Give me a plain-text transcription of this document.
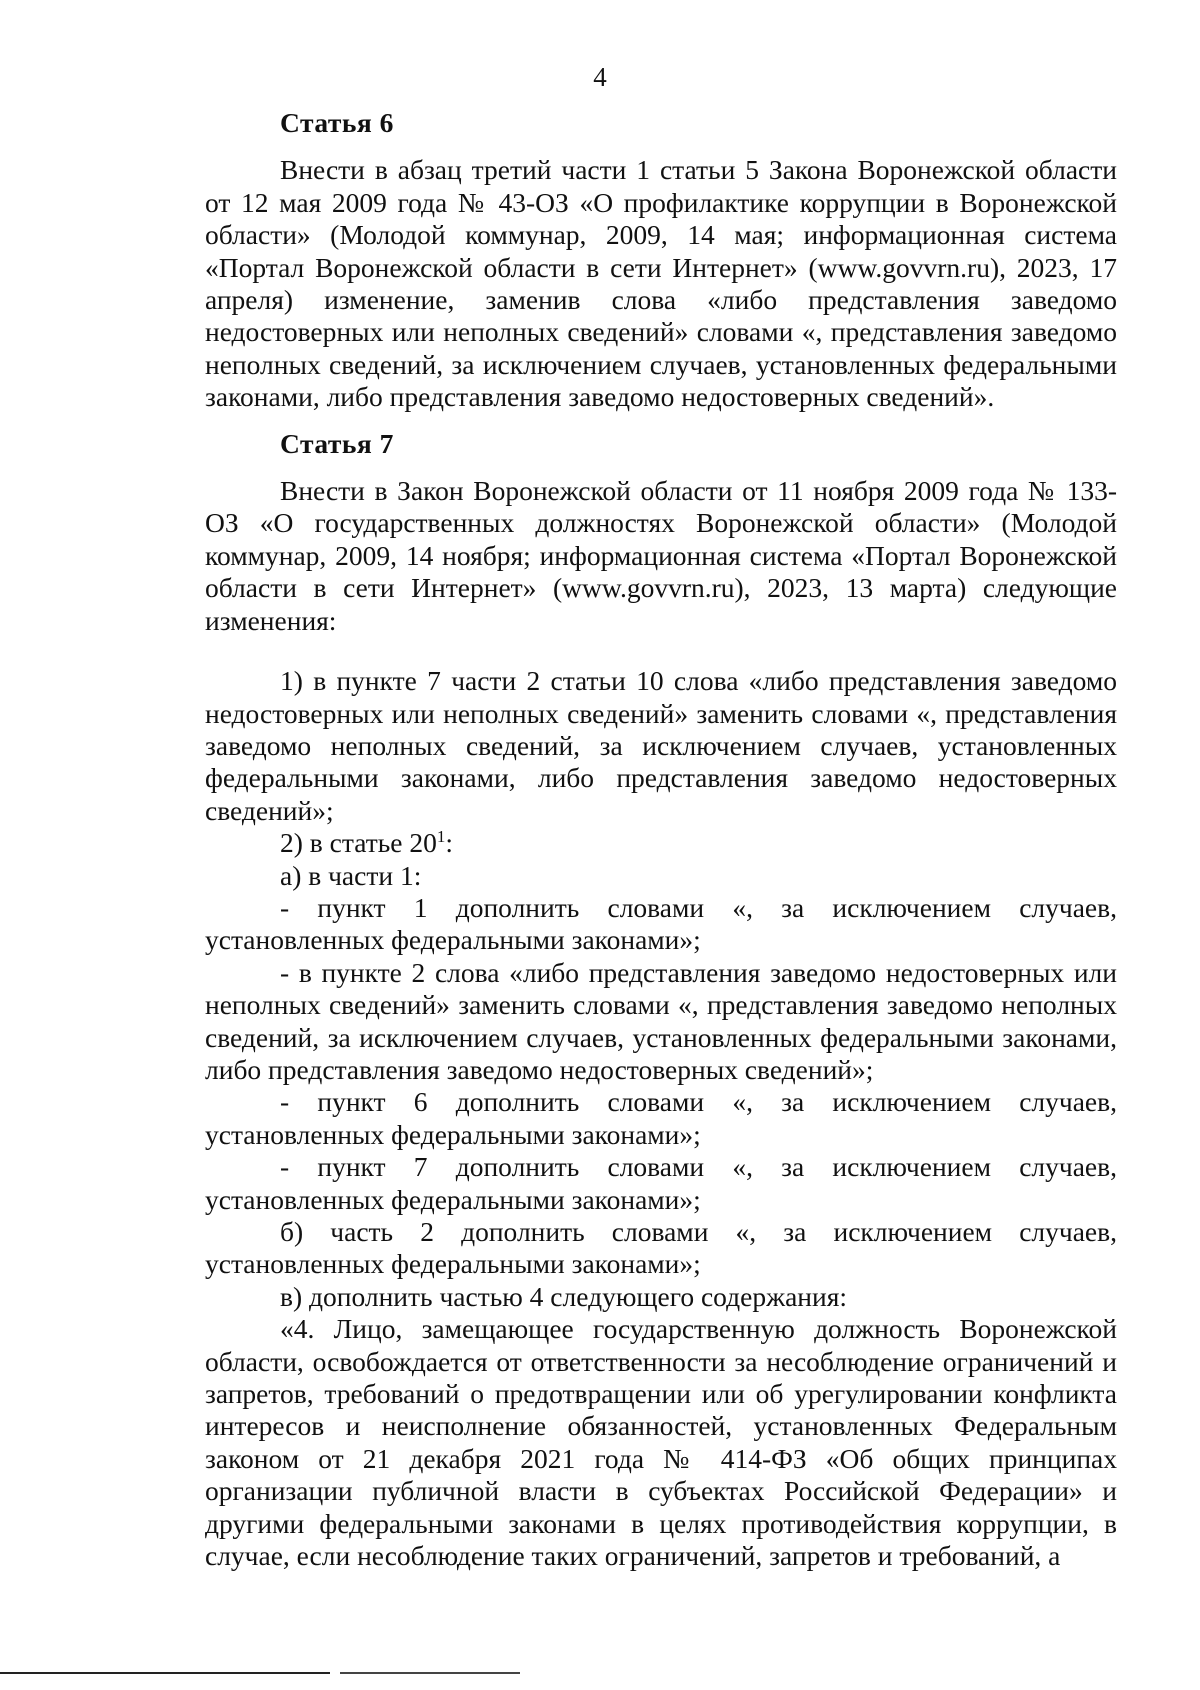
4

Статья 6

Внести в абзац третий части 1 статьи 5 Закона Воронежской области от 12 мая 2009 года № 43-ОЗ «О профилактике коррупции в Воронежской области» (Молодой коммунар, 2009, 14 мая; информационная система «Портал Воронежской области в сети Интернет» (www.govvrn.ru), 2023, 17 апреля) изменение, заменив слова «либо представления заведомо недостоверных или неполных сведений» словами «, представления заведомо неполных сведений, за исключением случаев, установленных федеральными законами, либо представления заведомо недостоверных сведений».

Статья 7

Внести в Закон Воронежской области от 11 ноября 2009 года № 133-ОЗ «О государственных должностях Воронежской области» (Молодой коммунар, 2009, 14 ноября; информационная система «Портал Воронежской области в сети Интернет» (www.govvrn.ru), 2023, 13 марта) следующие изменения:

1) в пункте 7 части 2 статьи 10 слова «либо представления заведомо недостоверных или неполных сведений» заменить словами «, представления заведомо неполных сведений, за исключением случаев, установленных федеральными законами, либо представления заведомо недостоверных сведений»;

2) в статье $20^1$:

а) в части 1:

- пункт 1 дополнить словами «, за исключением случаев, установленных федеральными законами»;

- в пункте 2 слова «либо представления заведомо недостоверных или неполных сведений» заменить словами «, представления заведомо неполных сведений, за исключением случаев, установленных федеральными законами, либо представления заведомо недостоверных сведений»;

- пункт 6 дополнить словами «, за исключением случаев, установленных федеральными законами»;

- пункт 7 дополнить словами «, за исключением случаев, установленных федеральными законами»;

б) часть 2 дополнить словами «, за исключением случаев, установленных федеральными законами»;

в) дополнить частью 4 следующего содержания:

«4. Лицо, замещающее государственную должность Воронежской области, освобождается от ответственности за несоблюдение ограничений и запретов, требований о предотвращении или об урегулировании конфликта интересов и неисполнение обязанностей, установленных Федеральным законом от 21 декабря 2021 года № 414-ФЗ «Об общих принципах организации публичной власти в субъектах Российской Федерации» и другими федеральными законами в целях противодействия коррупции, в случае, если несоблюдение таких ограничений, запретов и требований, а
